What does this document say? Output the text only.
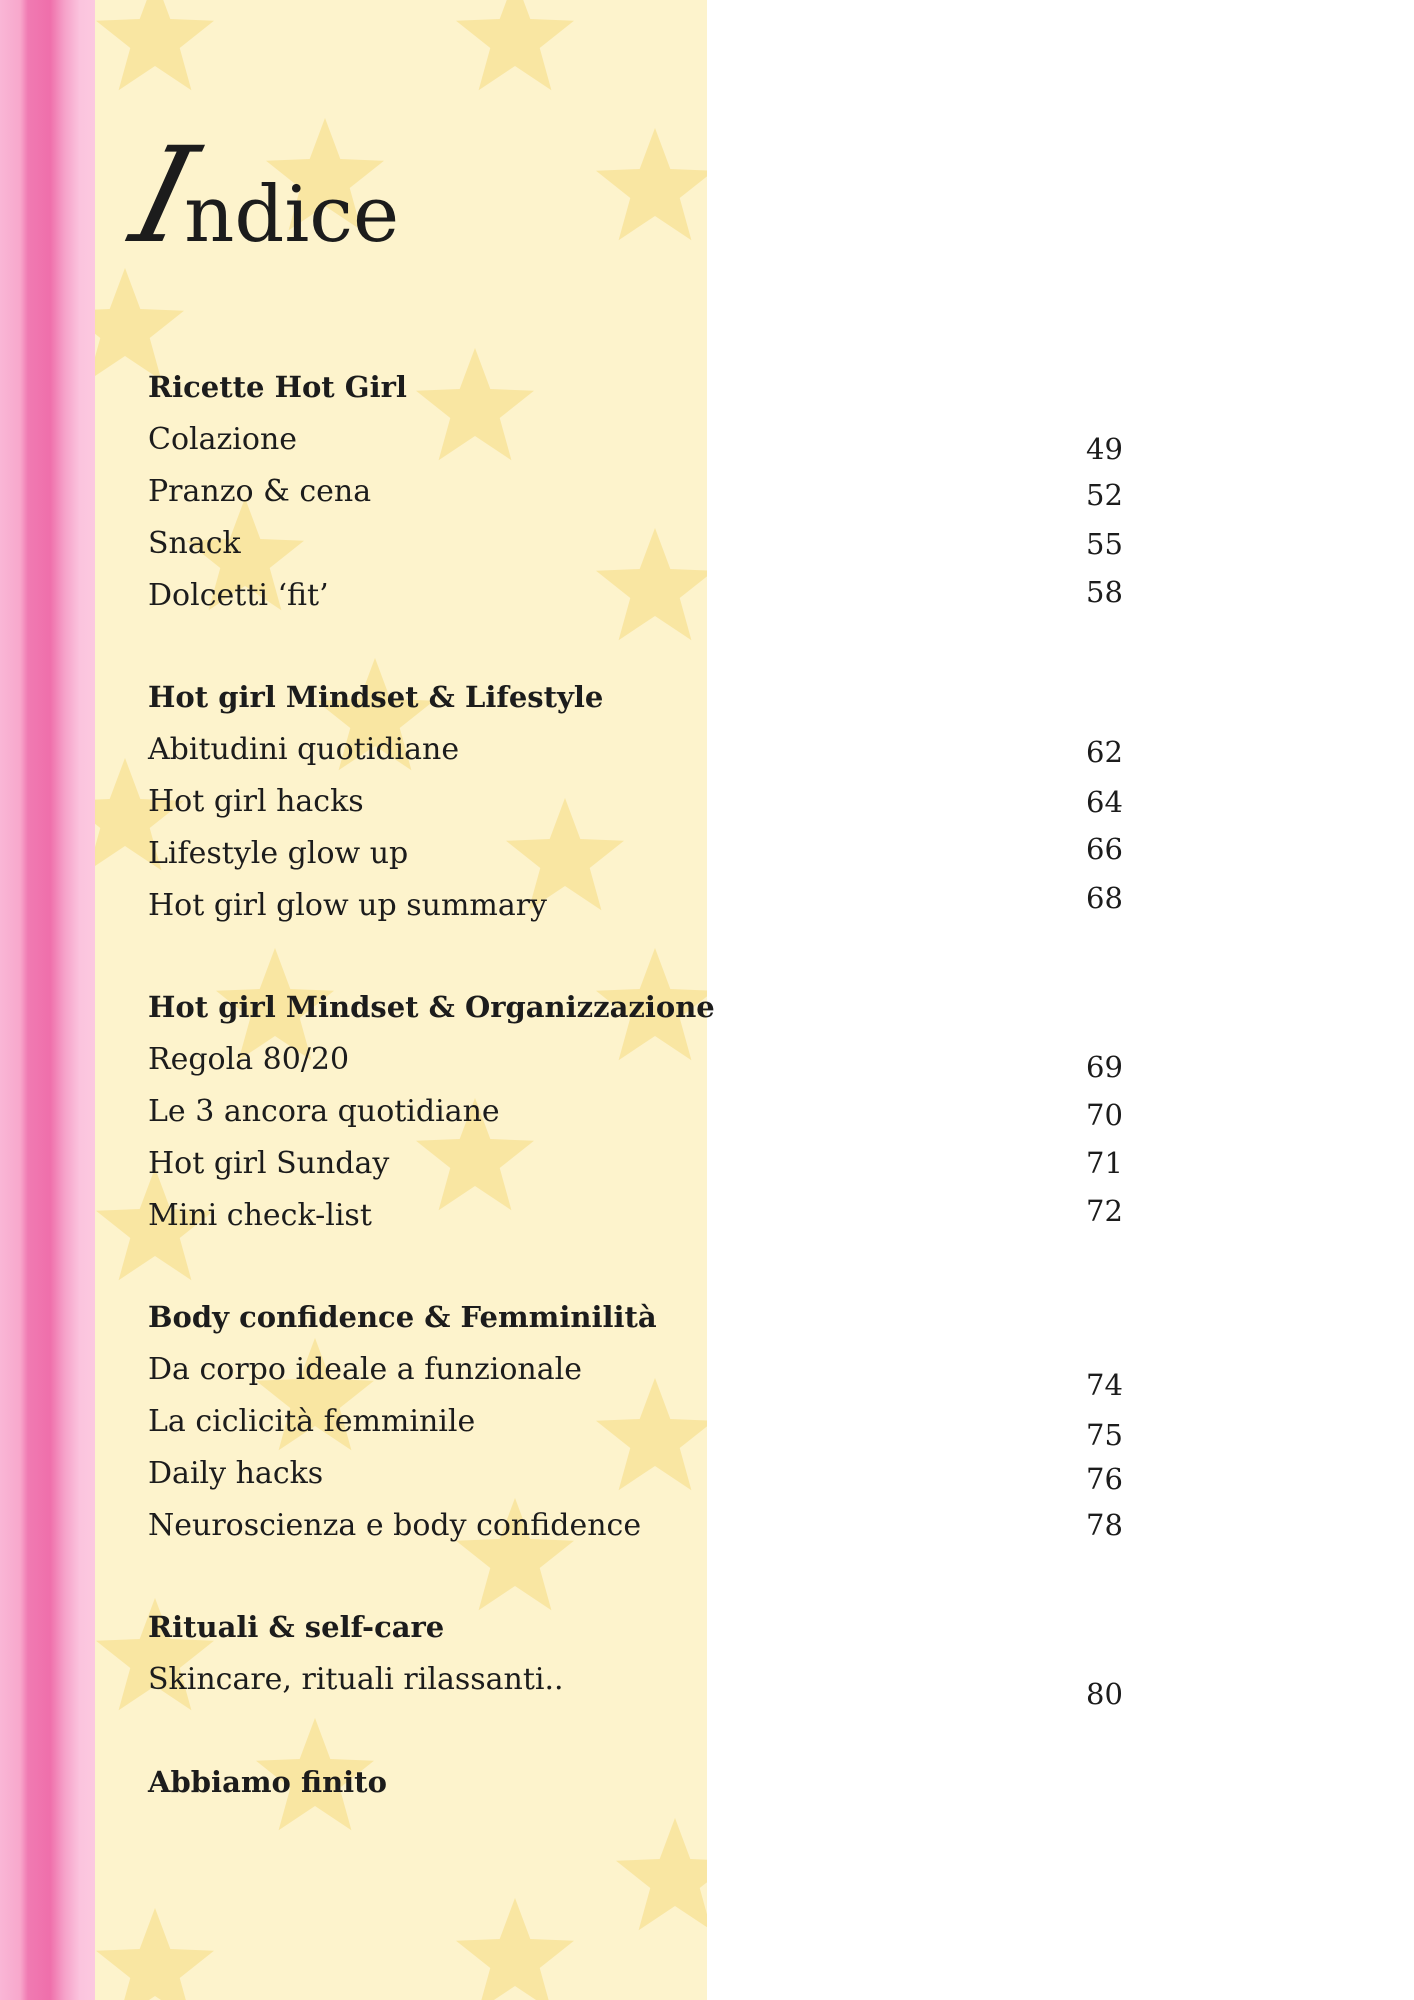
Indice
Ricette Hot Girl
Colazione
Pranzo & cena
Snack
Dolcetti ‘fit’
Hot girl Mindset & Lifestyle
Abitudini quotidiane
Hot girl hacks
Lifestyle glow up
Hot girl glow up summary
Hot girl Mindset & Organizzazione
Regola 80/20
Le 3 ancora quotidiane
Hot girl Sunday
Mini check-list
Body confidence & Femminilità
Da corpo ideale a funzionale
La ciclicità femminile
Daily hacks
Neuroscienza e body confidence
Rituali & self-care
Skincare, rituali rilassanti..
Abbiamo finito
49
52
55
58
62
64
66
68
69
70
71
72
74
75
76
78
80
